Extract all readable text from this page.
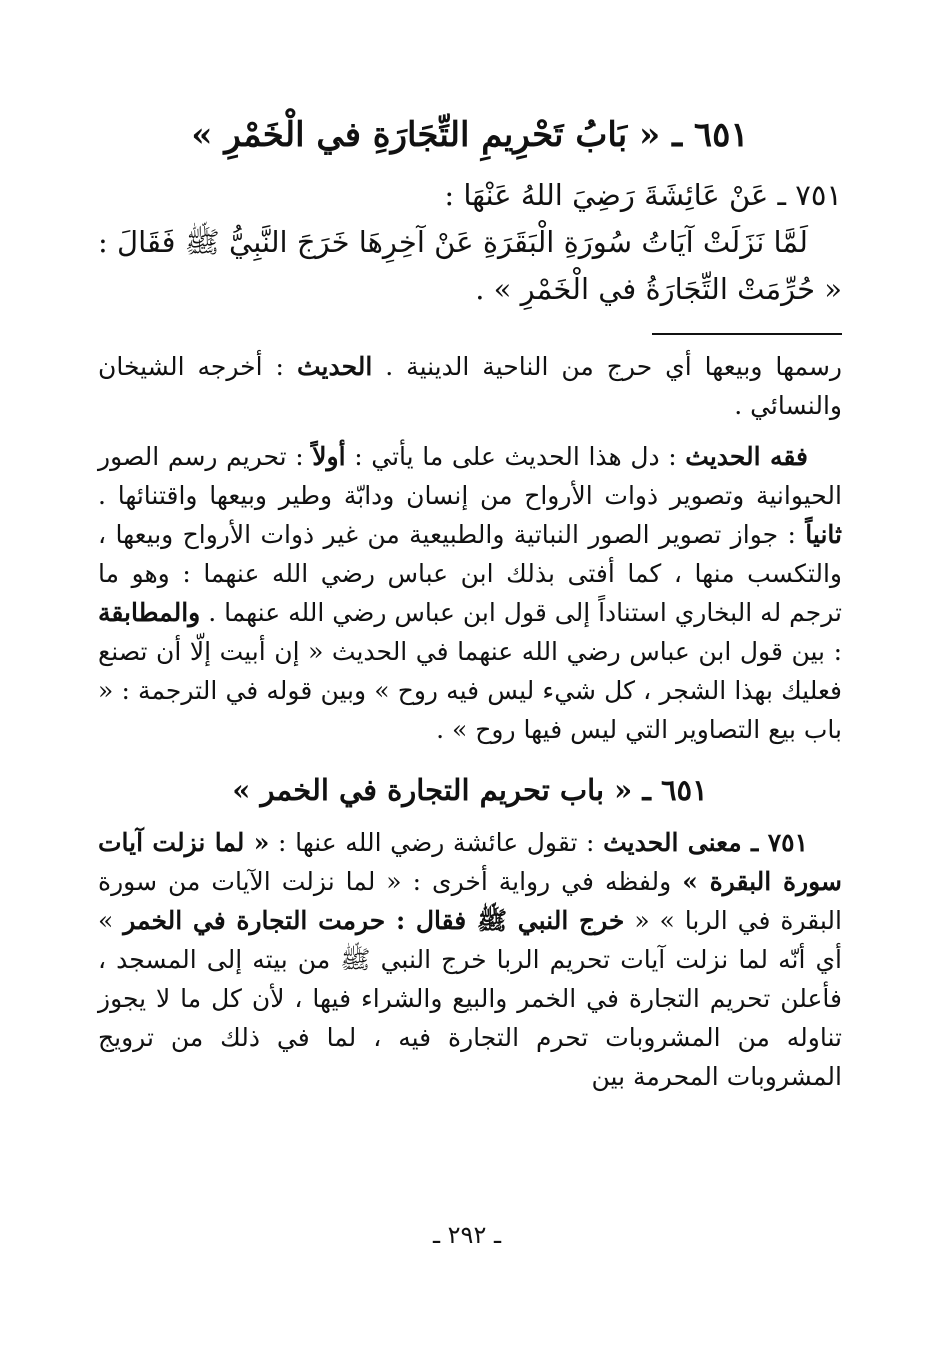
٦٥١ ـ « بَابُ تَحْرِيمِ التِّجَارَةِ في الْخَمْرِ »

٧٥١ ـ عَنْ عَائِشَةَ رَضِيَ اللهُ عَنْهَا :

لَمَّا نَزَلَتْ آيَاتُ سُورَةِ الْبَقَرَةِ عَنْ آخِرِهَا خَرَجَ النَّبِيُّ ﷺ فَقَالَ : « حُرِّمَتْ التِّجَارَةُ في الْخَمْرِ » .

رسمها وبيعها أي حرج من الناحية الدينية . الحديث : أخرجه الشيخان والنسائي .

فقه الحديث : دل هذا الحديث على ما يأتي : أولاً : تحريم رسم الصور الحيوانية وتصوير ذوات الأرواح من إنسان ودابّة وطير وبيعها واقتنائها . ثانياً : جواز تصوير الصور النباتية والطبيعية من غير ذوات الأرواح وبيعها ، والتكسب منها ، كما أفتى بذلك ابن عباس رضي الله عنهما : وهو ما ترجم له البخاري استناداً إلى قول ابن عباس رضي الله عنهما . والمطابقة : بين قول ابن عباس رضي الله عنهما في الحديث « إن أبيت إلّا أن تصنع فعليك بهذا الشجر ، كل شيء ليس فيه روح » وبين قوله في الترجمة : « باب بيع التصاوير التي ليس فيها روح » .

٦٥١ ـ « باب تحريم التجارة في الخمر »

٧٥١ ـ معنى الحديث : تقول عائشة رضي الله عنها : « لما نزلت آيات سورة البقرة » ولفظه في رواية أخرى : « لما نزلت الآيات من سورة البقرة في الربا » « خرج النبي ﷺ فقال : حرمت التجارة في الخمر » أي أنّه لما نزلت آيات تحريم الربا خرج النبي ﷺ من بيته إلى المسجد ، فأعلن تحريم التجارة في الخمر والبيع والشراء فيها ، لأن كل ما لا يجوز تناوله من المشروبات تحرم التجارة فيه ، لما في ذلك من ترويج المشروبات المحرمة بين

ـ ٢٩٢ ـ
